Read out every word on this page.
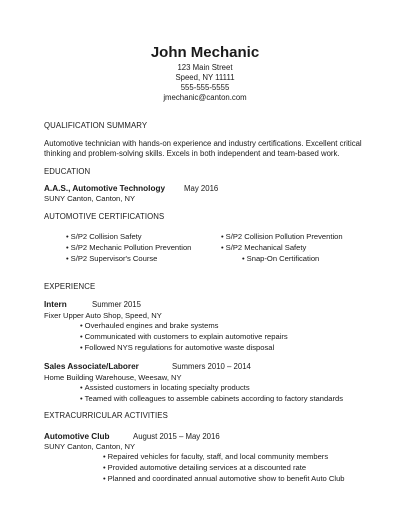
John Mechanic
123 Main Street
Speed, NY 11111
555-555-5555
jmechanic@canton.com
QUALIFICATION SUMMARY
Automotive technician with hands-on experience and industry certifications. Excellent critical
thinking and problem-solving skills. Excels in both independent and team-based work.
EDUCATION
A.A.S., Automotive Technology May 2016
SUNY Canton, Canton, NY
AUTOMOTIVE CERTIFICATIONS
• S/P2 Collision Safety	• S/P2 Collision Pollution Prevention
• S/P2 Mechanic Pollution Prevention	• S/P2 Mechanical Safety
• S/P2 Supervisor's Course	• Snap-On Certification
EXPERIENCE
Intern	Summer 2015
Fixer Upper Auto Shop, Speed, NY
• Overhauled engines and brake systems
• Communicated with customers to explain automotive repairs
• Followed NYS regulations for automotive waste disposal
Sales Associate/Laborer	Summers 2010 – 2014
Home Building Warehouse, Weesaw, NY
• Assisted customers in locating specialty products
• Teamed with colleagues to assemble cabinets according to factory standards
EXTRACURRICULAR ACTIVITIES
Automotive Club	August 2015 – May 2016
SUNY Canton, Canton, NY
• Repaired vehicles for faculty, staff, and local community members
• Provided automotive detailing services at a discounted rate
• Planned and coordinated annual automotive show to benefit Auto Club
